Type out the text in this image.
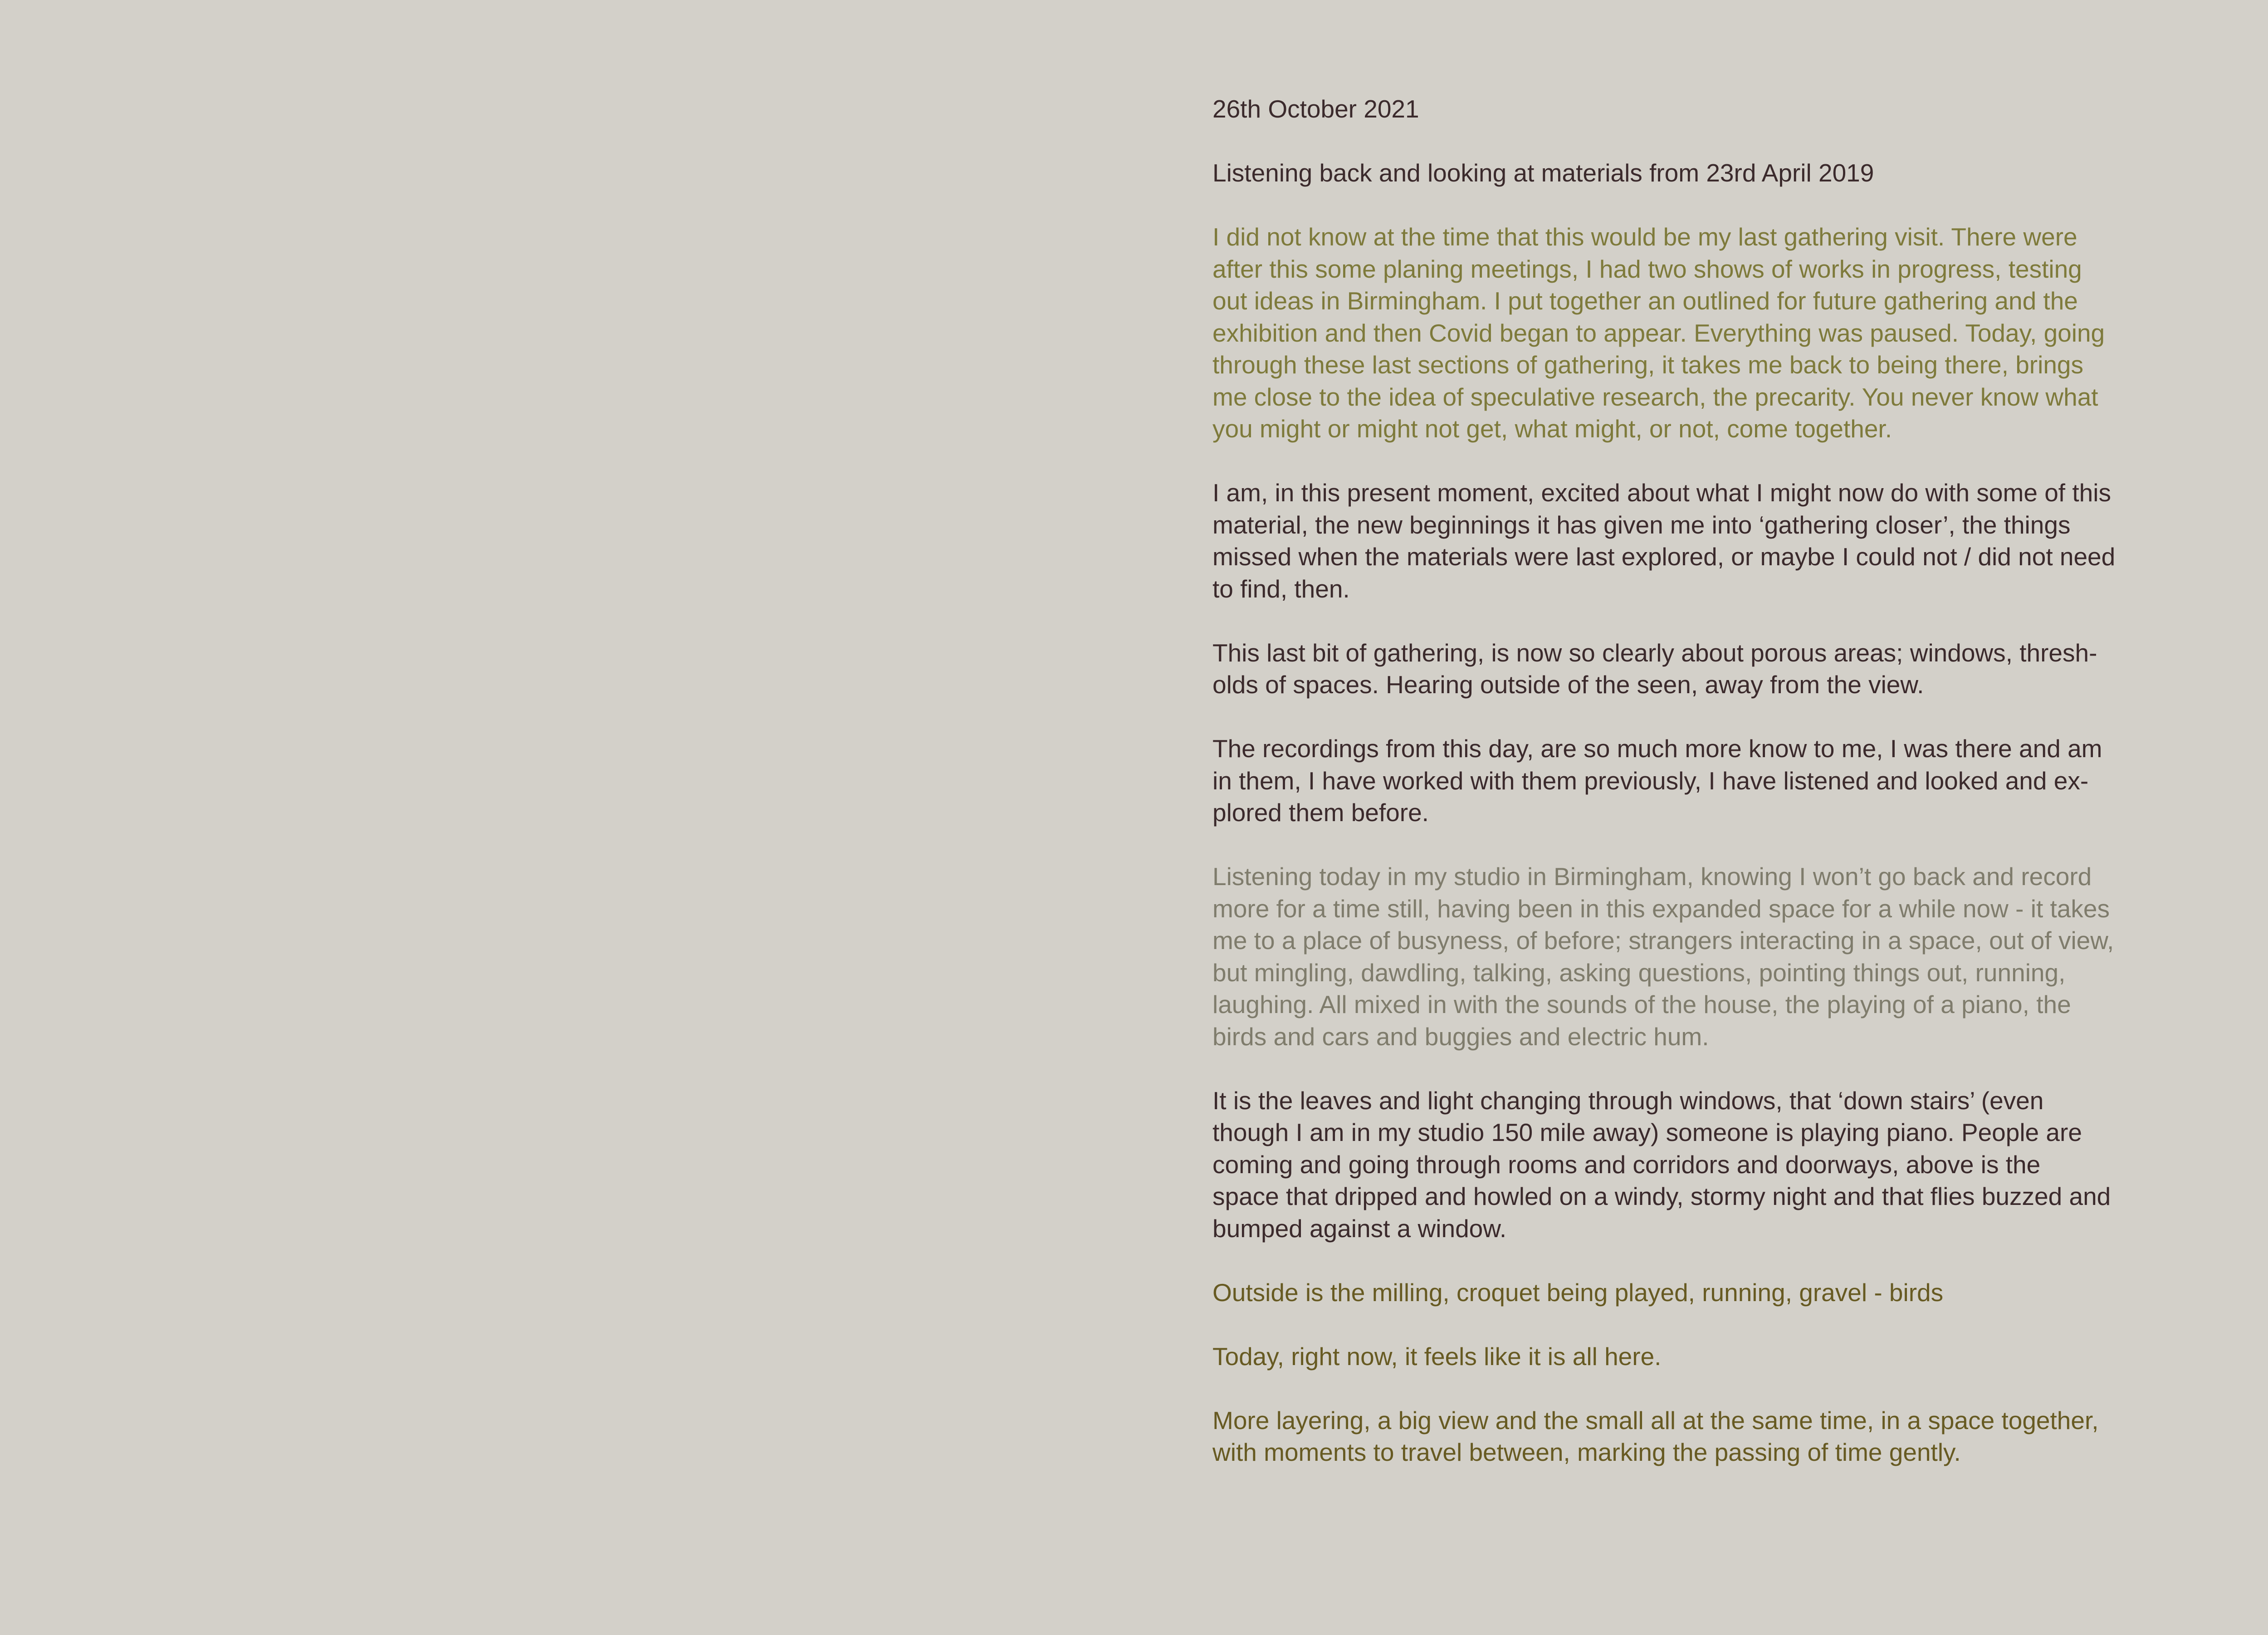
26th October 2021

Listening back and looking at materials from 23rd April 2019

I did not know at the time that this would be my last gathering visit. There were
after this some planing meetings, I had two shows of works in progress, testing
out ideas in Birmingham. I put together an outlined for future gathering and the
exhibition and then Covid began to appear. Everything was paused. Today, going
through these last sections of gathering, it takes me back to being there, brings
me close to the idea of speculative research, the precarity. You never know what
you might or might not get, what might, or not, come together.

I am, in this present moment, excited about what I might now do with some of this
material, the new beginnings it has given me into ‘gathering closer’, the things
missed when the materials were last explored, or maybe I could not / did not need
to find, then.

This last bit of gathering, is now so clearly about porous areas; windows, thresh-
olds of spaces. Hearing outside of the seen, away from the view.

The recordings from this day, are so much more know to me, I was there and am
in them, I have worked with them previously, I have listened and looked and ex-
plored them before.

Listening today in my studio in Birmingham, knowing I won’t go back and record
more for a time still, having been in this expanded space for a while now - it takes
me to a place of busyness, of before; strangers interacting in a space, out of view,
but mingling, dawdling, talking, asking questions, pointing things out, running,
laughing. All mixed in with the sounds of the house, the playing of a piano, the
birds and cars and buggies and electric hum.

It is the leaves and light changing through windows, that ‘down stairs’ (even
though I am in my studio 150 mile away) someone is playing piano. People are
coming and going through rooms and corridors and doorways, above is the
space that dripped and howled on a windy, stormy night and that flies buzzed and
bumped against a window.

Outside is the milling, croquet being played, running, gravel - birds

Today, right now, it feels like it is all here.

More layering, a big view and the small all at the same time, in a space together,
with moments to travel between, marking the passing of time gently.
